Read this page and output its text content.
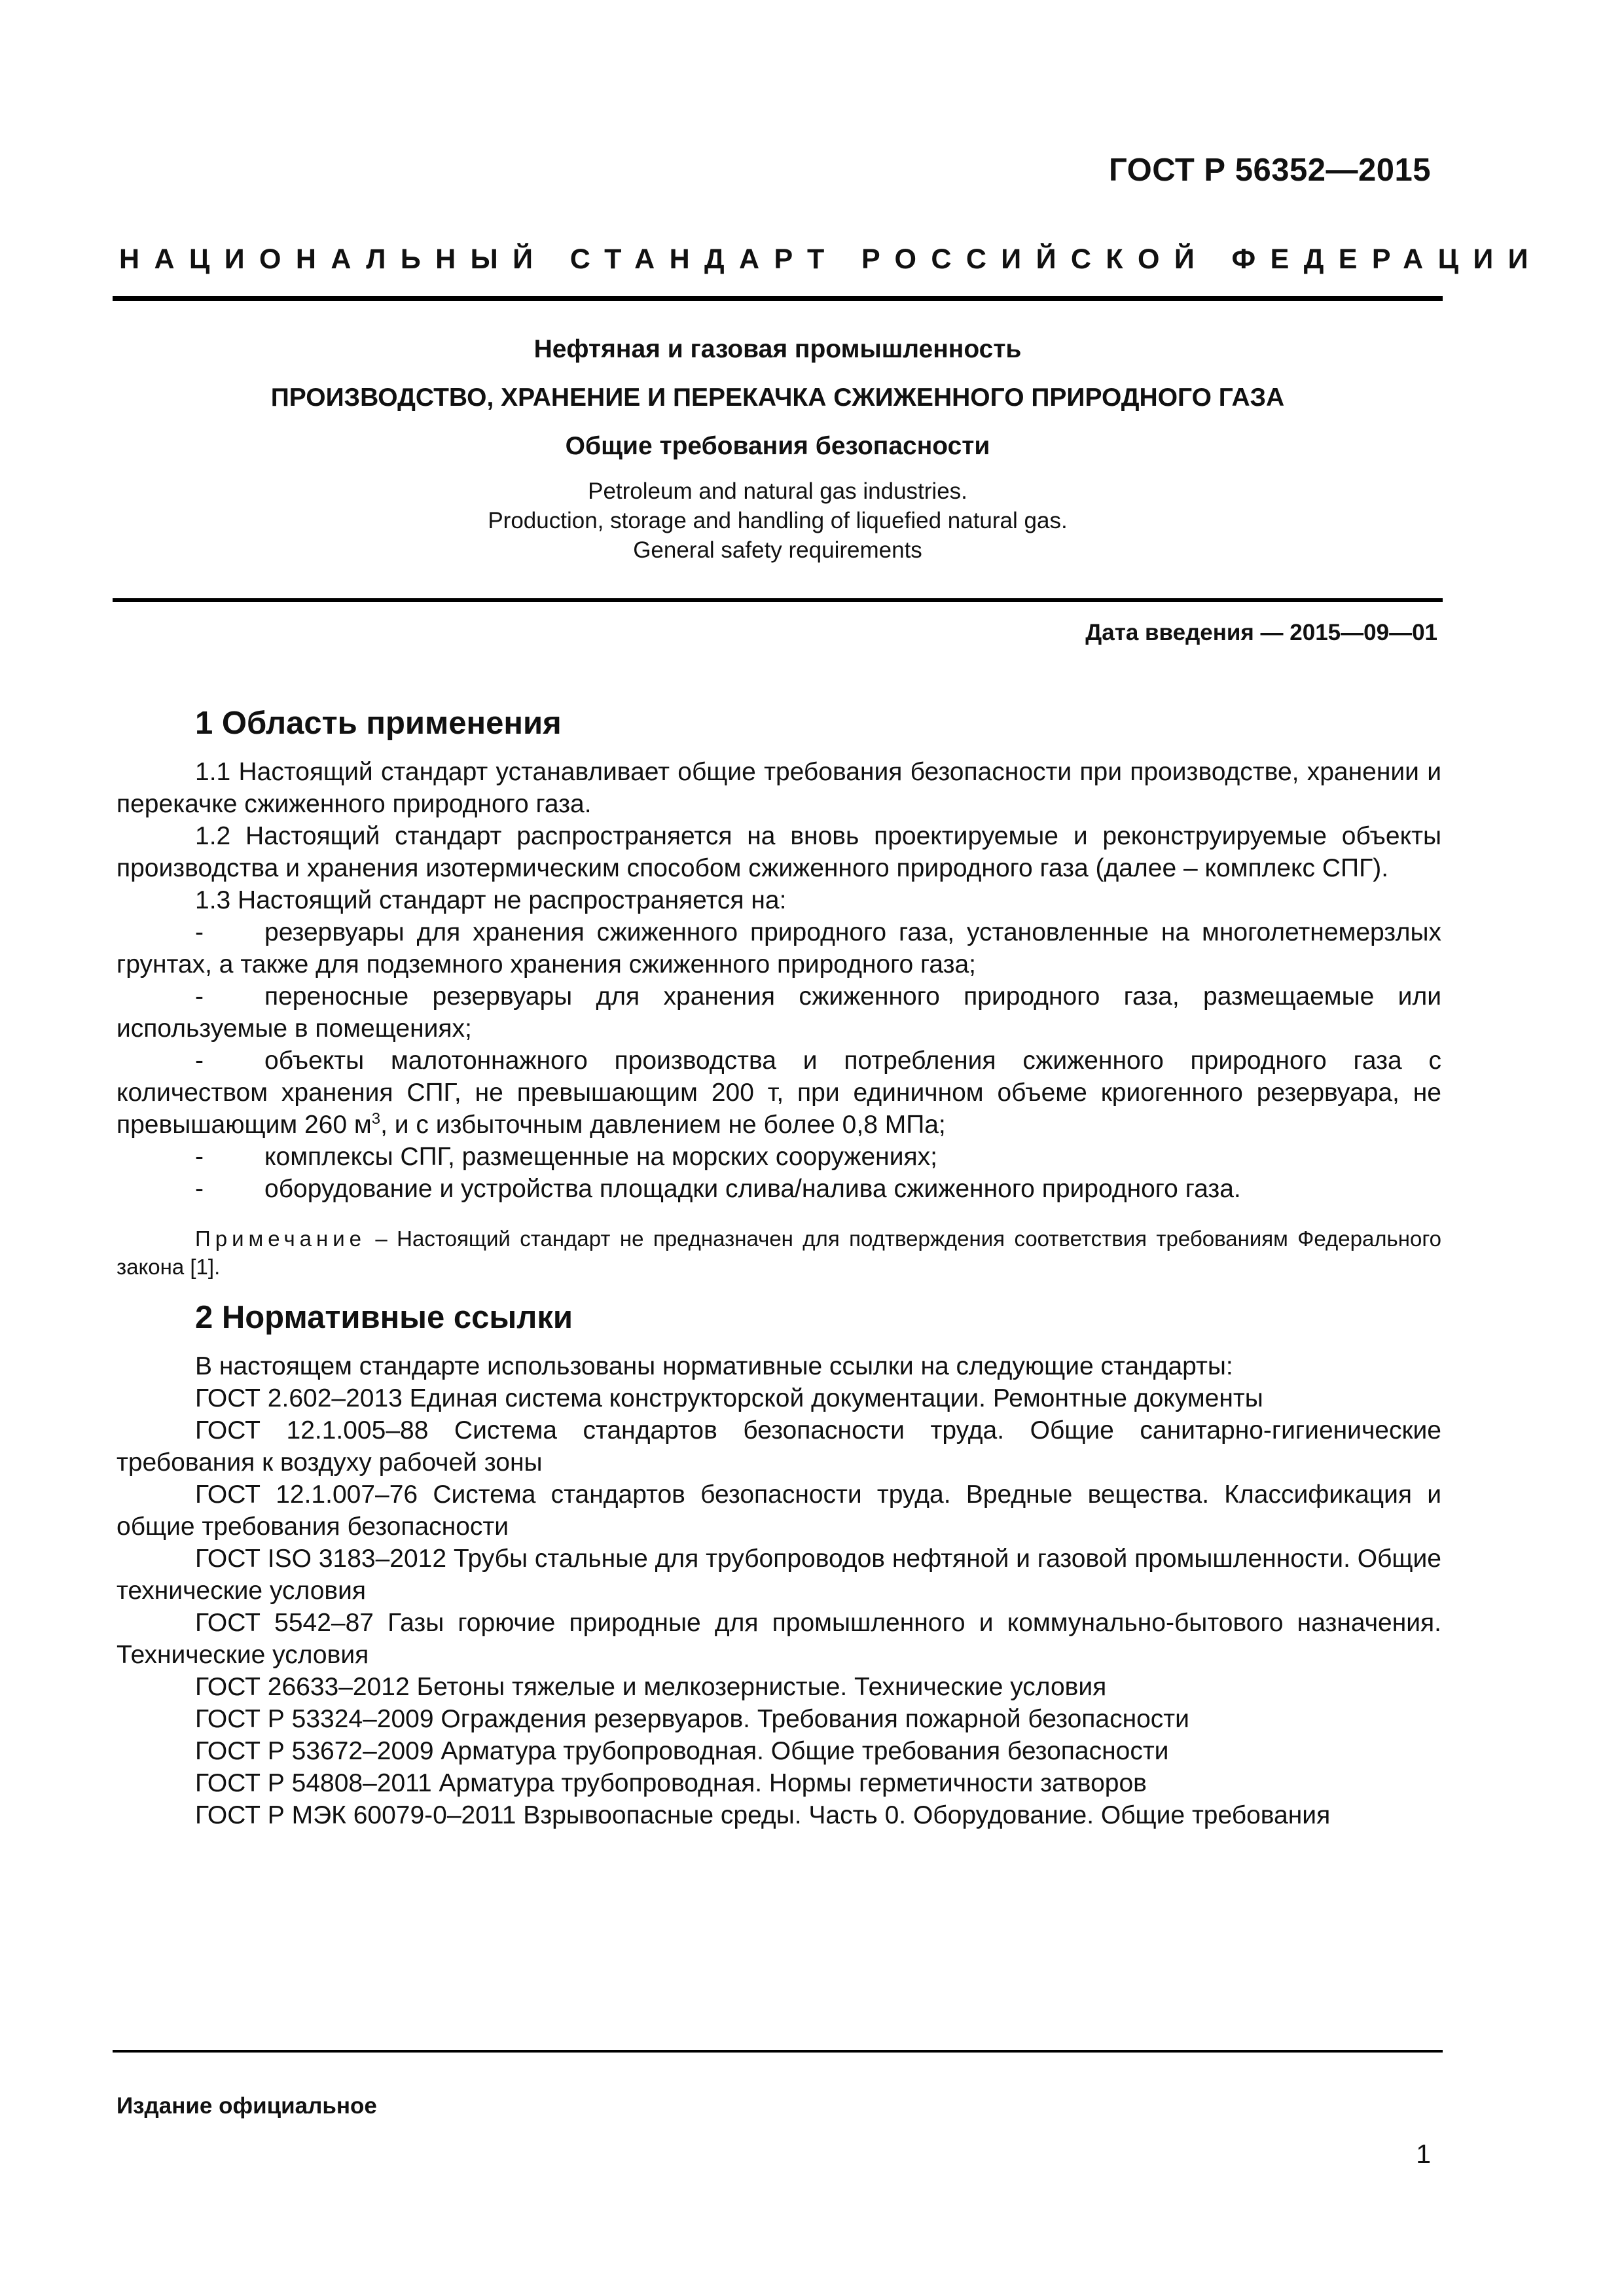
ГОСТ Р 56352—2015
НАЦИОНАЛЬНЫЙ СТАНДАРТ РОССИЙСКОЙ ФЕДЕРАЦИИ
Нефтяная и газовая промышленность
ПРОИЗВОДСТВО, ХРАНЕНИЕ И ПЕРЕКАЧКА СЖИЖЕННОГО ПРИРОДНОГО ГАЗА
Общие требования безопасности
Petroleum and natural gas industries.
Production, storage and handling of liquefied natural gas.
General safety requirements
Дата введения — 2015—09—01
1 Область применения

1.1 Настоящий стандарт устанавливает общие требования безопасности при производстве, хранении и перекачке сжиженного природного газа.

1.2 Настоящий стандарт распространяется на вновь проектируемые и реконструируемые объекты производства и хранения изотермическим способом сжиженного природного газа (далее – комплекс СПГ).

1.3 Настоящий стандарт не распространяется на:

- резервуары для хранения сжиженного природного газа, установленные на многолетнемерзлых грунтах, а также для подземного хранения сжиженного природного газа;

- переносные резервуары для хранения сжиженного природного газа, размещаемые или используемые в помещениях;

- объекты малотоннажного производства и потребления сжиженного природного газа с количеством хранения СПГ, не превышающим 200 т, при единичном объеме криогенного резервуара, не превышающим 260 $м^3$, и с избыточным давлением не более 0,8 МПа;

- комплексы СПГ, размещенные на морских сооружениях;

- оборудование и устройства площадки слива/налива сжиженного природного газа.

Примечание – Настоящий стандарт не предназначен для подтверждения соответствия требованиям Федерального закона [1].

2 Нормативные ссылки

В настоящем стандарте использованы нормативные ссылки на следующие стандарты:

ГОСТ 2.602–2013 Единая система конструкторской документации. Ремонтные документы

ГОСТ 12.1.005–88 Система стандартов безопасности труда. Общие санитарно-гигиенические требования к воздуху рабочей зоны

ГОСТ 12.1.007–76 Система стандартов безопасности труда. Вредные вещества. Классификация и общие требования безопасности

ГОСТ ISO 3183–2012 Трубы стальные для трубопроводов нефтяной и газовой промышленности. Общие технические условия

ГОСТ 5542–87 Газы горючие природные для промышленного и коммунально-бытового назначения. Технические условия

ГОСТ 26633–2012 Бетоны тяжелые и мелкозернистые. Технические условия

ГОСТ Р 53324–2009 Ограждения резервуаров. Требования пожарной безопасности

ГОСТ Р 53672–2009 Арматура трубопроводная. Общие требования безопасности

ГОСТ Р 54808–2011 Арматура трубопроводная. Нормы герметичности затворов

ГОСТ Р МЭК 60079-0–2011 Взрывоопасные среды. Часть 0. Оборудование. Общие требования

Издание официальное
1
